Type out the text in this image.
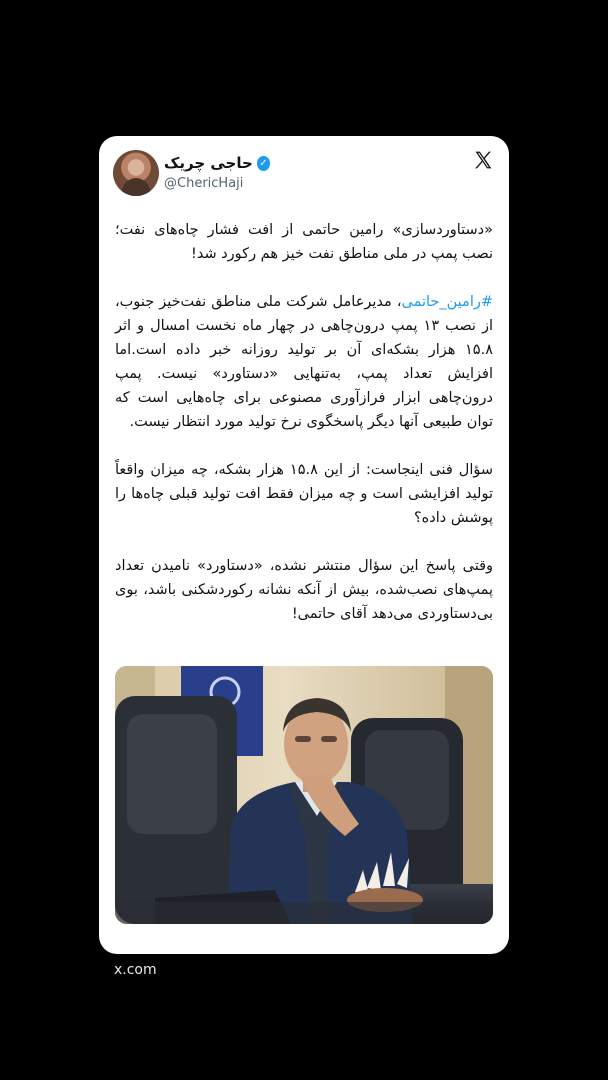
✓
حاجی چریک
@ChericHaji

«دستاوردسازی» رامین حاتمی از افت فشار چاه‌های نفت؛ نصب پمپ در ملی مناطق نفت خیز هم رکورد شد!

#رامین_حاتمی، مدیرعامل شرکت ملی مناطق نفت‌خیز جنوب، از نصب ۱۳ پمپ درون‌چاهی در چهار ماه نخست امسال و اثر ۱۵.۸ هزار بشکه‌ای آن بر تولید روزانه خبر داده است.اما افزایش تعداد پمپ، به‌تنهایی «دستاورد» نیست. پمپ درون‌چاهی ابزار فرازآوری مصنوعی برای چاه‌هایی است که توان طبیعی آنها دیگر پاسخگوی نرخ تولید مورد انتظار نیست.

سؤال فنی اینجاست: از این ۱۵.۸ هزار بشکه، چه میزان واقعاً تولید افزایشی است و چه میزان فقط افت تولید قبلی چاه‌ها را پوشش داده؟

وقتی پاسخ این سؤال منتشر نشده، «دستاورد» نامیدن تعداد پمپ‌های نصب‌شده، بیش از آنکه نشانه رکوردشکنی باشد، بوی بی‌دستاوردی می‌دهد آقای حاتمی!

x.com
